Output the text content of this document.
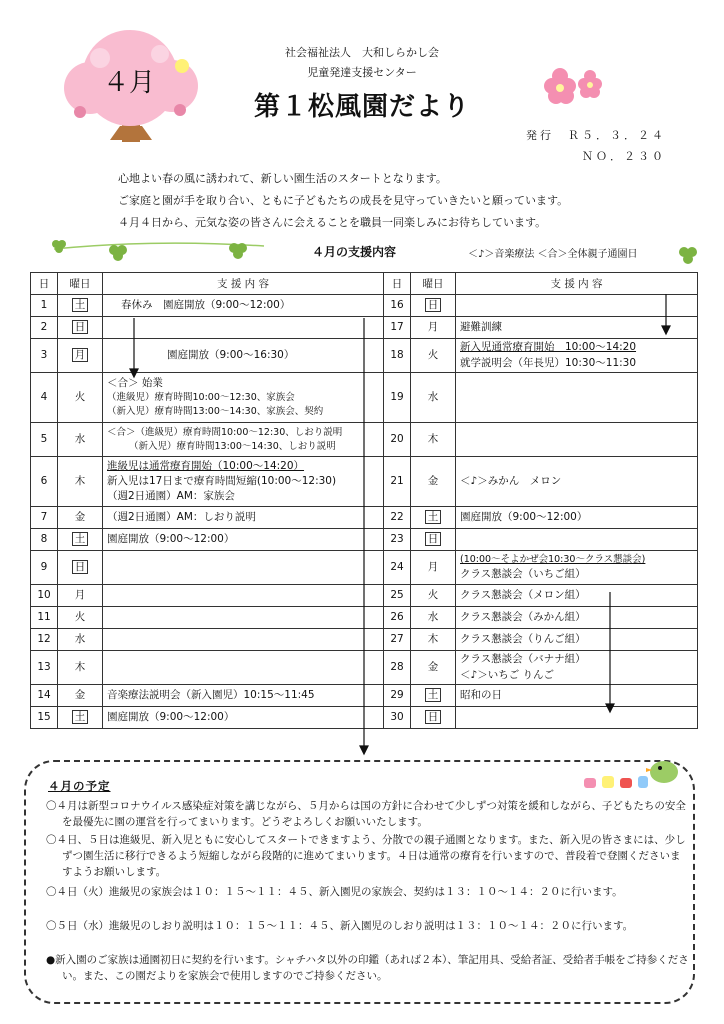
４月
社会福祉法人　大和しらかし会
児童発達支援センター
第１松風園だより
発行　Ｒ５．３．２４
ＮＯ．２３０
心地よい春の風に誘われて、新しい園生活のスタートとなります。
ご家庭と園が手を取り合い、ともに子どもたちの成長を見守っていきたいと願っています。
４月４日から、元気な姿の皆さんに会えることを職員一同楽しみにお待ちしています。
４月の支援内容	＜♪＞音楽療法 ＜合＞全体親子通園日
日	曜日	支 援 内 容	日	曜日	支 援 内 容
1	土	春休み　園庭開放（9:00～12:00）	16	日	
2	日		17	月	避難訓練

3	月	園庭開放（9:00～16:30）	18	火	新入児通常療育開始　10:00～14:20
就学説明会（年長児）10:30～11:30

4	火	＜合＞ 始業
（進級児）療育時間10:00～12:30、家族会
（新入児）療育時間13:00～14:30、家族会、契約	19	水	
5	水	＜合＞（進級児）療育時間10:00～12:30、しおり説明
（新入児）療育時間13:00～14:30、しおり説明	20	木	
6	木	進級児は通常療育開始（10:00～14:20）
新入児は17日まで療育時間短縮(10:00～12:30)
（週2日通園）AM：家族会	21	金	＜♪＞みかん　メロン

7	金	（週2日通園）AM：しおり説明	22	土	園庭開放（9:00～12:00）

8	土	園庭開放（9:00～12:00）	23	日	
9	日		24	月	(10:00～そよかぜ会10:30～クラス懇談会)
クラス懇談会（いちご組）

10	月		25	火	クラス懇談会（メロン組）

11	火		26	水	クラス懇談会（みかん組）

12	水		27	木	クラス懇談会（りんご組）

13	木		28	金	クラス懇談会（バナナ組）
＜♪＞いちご りんご

14	金	音楽療法説明会（新入園児）10:15～11:45	29	土	昭和の日

15	土	園庭開放（9:00～12:00）	30	日	
４月の予定
〇４月は新型コロナウイルス感染症対策を講じながら、５月からは国の方針に合わせて少しずつ対策を緩和しながら、子どもたちの安全を最優先に園の運営を行ってまいります。どうぞよろしくお願いいたします。
〇４日、５日は進級児、新入児ともに安心してスタートできますよう、分散での親子通園となります。また、新入児の皆さまには、少しずつ園生活に移行できるよう短縮しながら段階的に進めてまいります。４日は通常の療育を行いますので、普段着で登園くださいますようお願いします。
〇４日（火）進級児の家族会は１０：１５～１１：４５、新入園児の家族会、契約は１３：１０～１４：２０に行います。
〇５日（水）進級児のしおり説明は１０：１５～１１：４５、新入園児のしおり説明は１３：１０～１４：２０に行います。
●新入園のご家族は通園初日に契約を行います。シャチハタ以外の印鑑（あれば２本）、筆記用具、受給者証、受給者手帳をご持参ください。また、この園だよりを家族会で使用しますのでご持参ください。
